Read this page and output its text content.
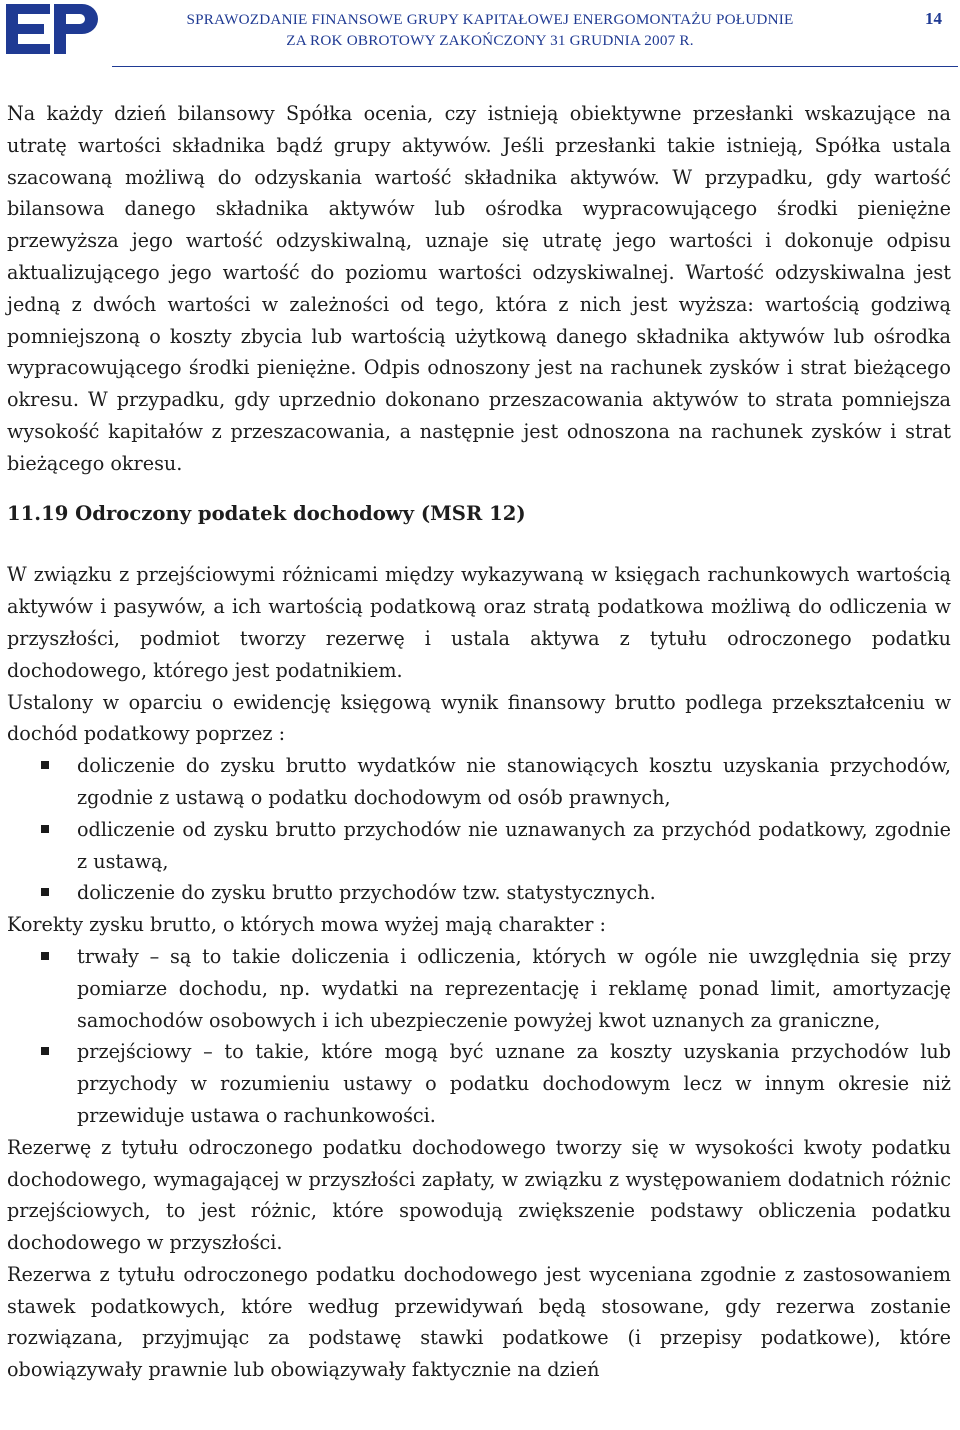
SPRAWOZDANIE FINANSOWE GRUPY KAPITAŁOWEJ ENERGOMONTAŻU POŁUDNIE
ZA ROK OBROTOWY ZAKOŃCZONY 31 GRUDNIA 2007 R.
14

Na każdy dzień bilansowy Spółka ocenia, czy istnieją obiektywne przesłanki wskazujące na utratę wartości składnika bądź grupy aktywów. Jeśli przesłanki takie istnieją, Spółka ustala szacowaną możliwą do odzyskania wartość składnika aktywów. W przypadku, gdy wartość bilansowa danego składnika aktywów lub ośrodka wypracowującego środki pieniężne przewyższa jego wartość odzyskiwalną, uznaje się utratę jego wartości i dokonuje odpisu aktualizującego jego wartość do poziomu wartości odzyskiwalnej. Wartość odzyskiwalna jest jedną z dwóch wartości w zależności od tego, która z nich jest wyższa: wartością godziwą pomniejszoną o koszty zbycia lub wartością użytkową danego składnika aktywów lub ośrodka wypracowującego środki pieniężne. Odpis odnoszony jest na rachunek zysków i strat bieżącego okresu. W przypadku, gdy uprzednio dokonano przeszacowania aktywów to strata pomniejsza wysokość kapitałów z przeszacowania, a następnie jest odnoszona na rachunek zysków i strat bieżącego okresu.

11.19 Odroczony podatek dochodowy (MSR 12)

W związku z przejściowymi różnicami między wykazywaną w księgach rachunkowych wartością aktywów i pasywów, a ich wartością podatkową oraz stratą podatkowa możliwą do odliczenia w przyszłości, podmiot tworzy rezerwę i ustala aktywa z tytułu odroczonego podatku dochodowego, którego jest podatnikiem.

Ustalony w oparciu o ewidencję księgową wynik finansowy brutto podlega przekształceniu w dochód podatkowy poprzez :

doliczenie do zysku brutto wydatków nie stanowiących kosztu uzyskania przychodów, zgodnie z ustawą o podatku dochodowym od osób prawnych,
odliczenie od zysku brutto przychodów nie uznawanych za przychód podatkowy, zgodnie z ustawą,
doliczenie do zysku brutto przychodów tzw. statystycznych.

Korekty zysku brutto, o których mowa wyżej mają charakter :

trwały – są to takie doliczenia i odliczenia, których w ogóle nie uwzględnia się przy pomiarze dochodu, np. wydatki na reprezentację i reklamę ponad limit, amortyzację samochodów osobowych i ich ubezpieczenie powyżej kwot uznanych za graniczne,
przejściowy – to takie, które mogą być uznane za koszty uzyskania przychodów lub przychody w rozumieniu ustawy o podatku dochodowym lecz w innym okresie niż przewiduje ustawa o rachunkowości.

Rezerwę z tytułu odroczonego podatku dochodowego tworzy się w wysokości kwoty podatku dochodowego, wymagającej w przyszłości zapłaty, w związku z występowaniem dodatnich różnic przejściowych, to jest różnic, które spowodują zwiększenie podstawy obliczenia podatku dochodowego w przyszłości.

Rezerwa z tytułu odroczonego podatku dochodowego jest wyceniana zgodnie z zastosowaniem stawek podatkowych, które według przewidywań będą stosowane, gdy rezerwa zostanie rozwiązana, przyjmując za podstawę stawki podatkowe (i przepisy podatkowe), które obowiązywały prawnie lub obowiązywały faktycznie na dzień
